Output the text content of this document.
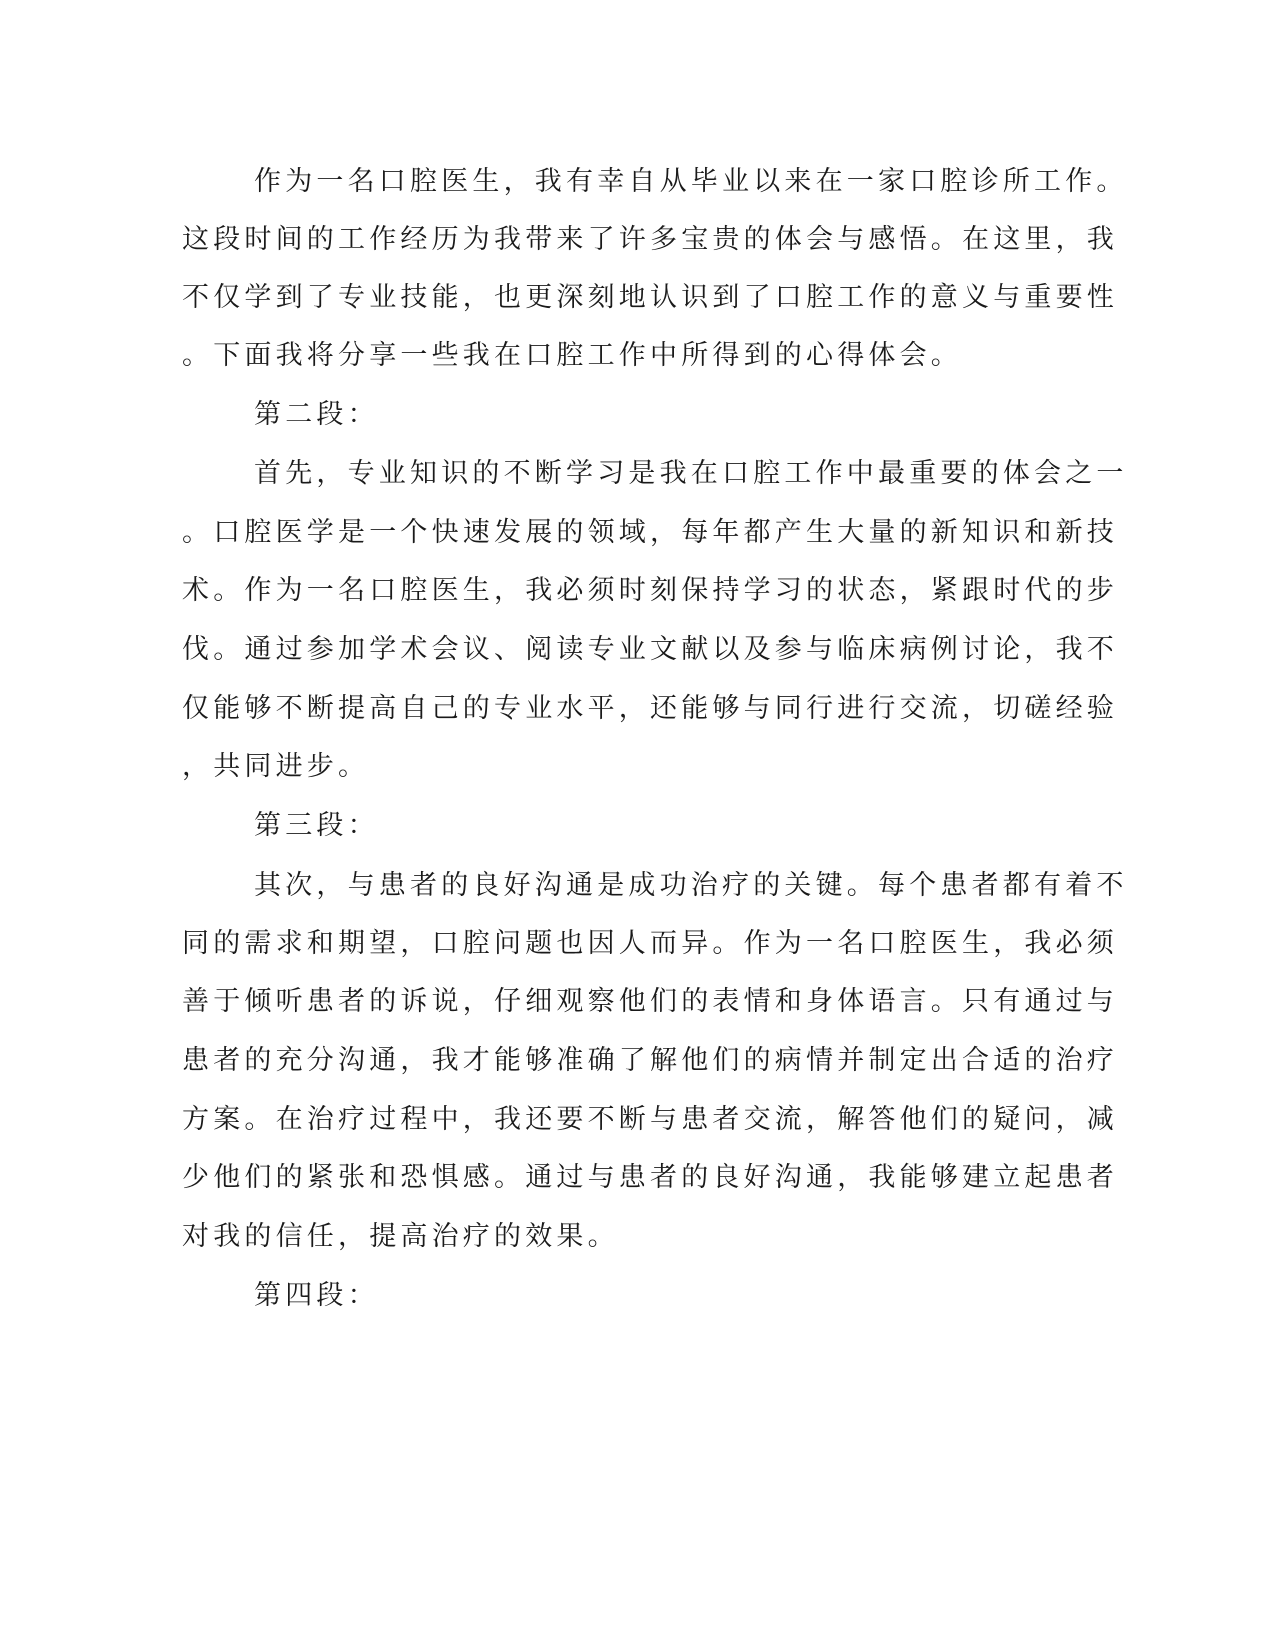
作为一名口腔医生，我有幸自从毕业以来在一家口腔诊所工作。
这段时间的工作经历为我带来了许多宝贵的体会与感悟。在这里，我
不仅学到了专业技能，也更深刻地认识到了口腔工作的意义与重要性
。下面我将分享一些我在口腔工作中所得到的心得体会。
第二段：
首先，专业知识的不断学习是我在口腔工作中最重要的体会之一
。口腔医学是一个快速发展的领域，每年都产生大量的新知识和新技
术。作为一名口腔医生，我必须时刻保持学习的状态，紧跟时代的步
伐。通过参加学术会议、阅读专业文献以及参与临床病例讨论，我不
仅能够不断提高自己的专业水平，还能够与同行进行交流，切磋经验
，共同进步。
第三段：
其次，与患者的良好沟通是成功治疗的关键。每个患者都有着不
同的需求和期望，口腔问题也因人而异。作为一名口腔医生，我必须
善于倾听患者的诉说，仔细观察他们的表情和身体语言。只有通过与
患者的充分沟通，我才能够准确了解他们的病情并制定出合适的治疗
方案。在治疗过程中，我还要不断与患者交流，解答他们的疑问，减
少他们的紧张和恐惧感。通过与患者的良好沟通，我能够建立起患者
对我的信任，提高治疗的效果。
第四段：
